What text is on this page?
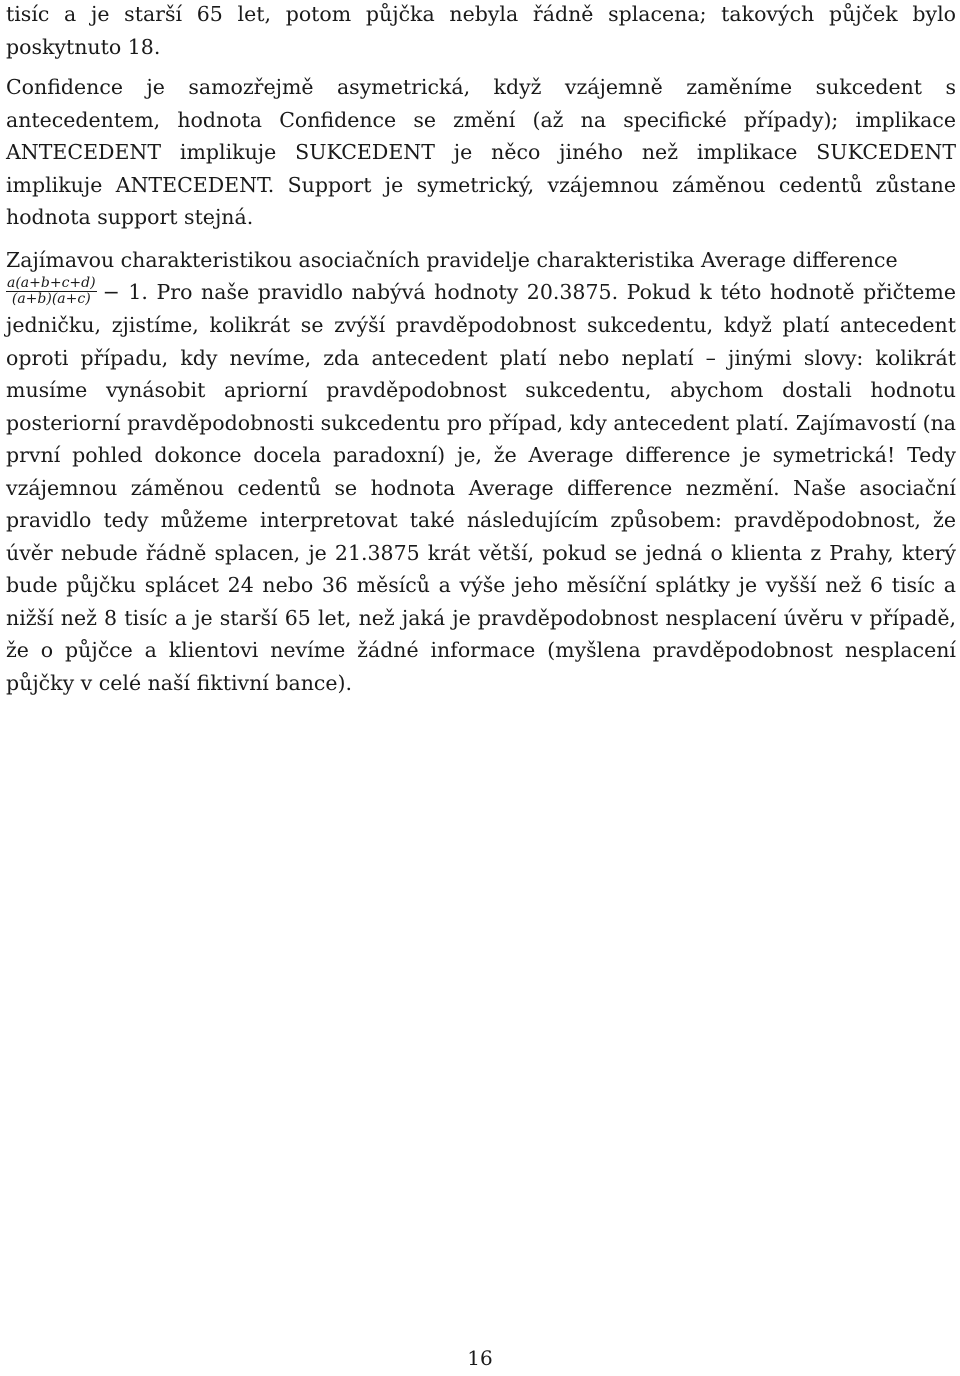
tisíc a je starší 65 let, potom půjčka nebyla řádně splacena; takových půjček bylo poskytnuto 18.

Confidence je samozřejmě asymetrická, když vzájemně zaměníme sukcedent s antecedentem, hodnota Confidence se změní (až na specifické případy); implikace ANTECEDENT implikuje SUKCEDENT je něco jiného než implikace SUKCEDENT implikuje ANTECEDENT. Support je symetrický, vzájemnou záměnou cedentů zůstane hodnota support stejná.

Zajímavou charakteristikou asociačních pravidelje charakteristika Average difference

$\frac{a(a+b+c+d)}{(a+b)(a+c)} - 1$. Pro naše pravidlo nabývá hodnoty 20.3875. Pokud k této hodnotě přičteme jedničku, zjistíme, kolikrát se zvýší pravděpodobnost sukcedentu, když platí antecedent oproti případu, kdy nevíme, zda antecedent platí nebo neplatí – jinými slovy: kolikrát musíme vynásobit apriorní pravděpodobnost sukcedentu, abychom dostali hodnotu posteriorní pravděpodobnosti sukcedentu pro případ, kdy antecedent platí. Zajímavostí (na první pohled dokonce docela paradoxní) je, že Average difference je symetrická! Tedy vzájemnou záměnou cedentů se hodnota Average difference nezmění. Naše asociační pravidlo tedy můžeme interpretovat také následujícím způsobem: pravděpodobnost, že úvěr nebude řádně splacen, je 21.3875 krát větší, pokud se jedná o klienta z Prahy, který bude půjčku splácet 24 nebo 36 měsíců a výše jeho měsíční splátky je vyšší než 6 tisíc a nižší než 8 tisíc a je starší 65 let, než jaká je pravděpodobnost nesplacení úvěru v případě, že o půjčce a klientovi nevíme žádné informace (myšlena pravděpodobnost nesplacení půjčky v celé naší fiktivní bance).

16
